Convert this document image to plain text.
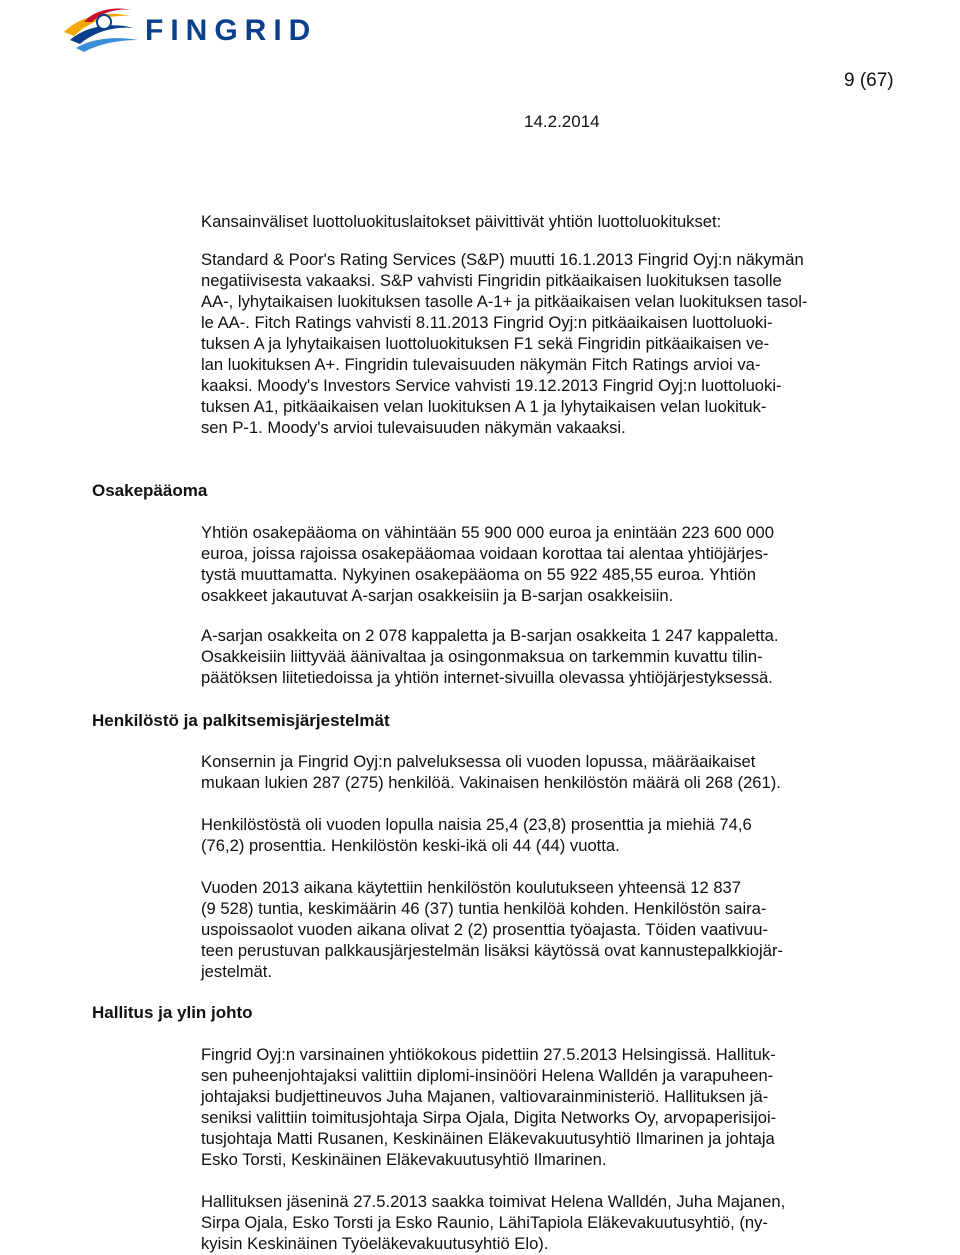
FINGRID
9 (67)
14.2.2014

Kansainväliset luottoluokituslaitokset päivittivät yhtiön luottoluokitukset:

Standard & Poor's Rating Services (S&P) muutti 16.1.2013 Fingrid Oyj:n näkymän
negatiivisesta vakaaksi. S&P vahvisti Fingridin pitkäaikaisen luokituksen tasolle
AA-, lyhytaikaisen luokituksen tasolle A-1+ ja pitkäaikaisen velan luokituksen tasol-
le AA-. Fitch Ratings vahvisti 8.11.2013 Fingrid Oyj:n pitkäaikaisen luottoluoki-
tuksen A ja lyhytaikaisen luottoluokituksen F1 sekä Fingridin pitkäaikaisen ve-
lan luokituksen A+. Fingridin tulevaisuuden näkymän Fitch Ratings arvioi va-
kaaksi. Moody's Investors Service vahvisti 19.12.2013 Fingrid Oyj:n luottoluoki-
tuksen A1, pitkäaikaisen velan luokituksen A 1 ja lyhytaikaisen velan luokituk-
sen P-1. Moody's arvioi tulevaisuuden näkymän vakaaksi.
Osakepääoma
Yhtiön osakepääoma on vähintään 55 900 000 euroa ja enintään 223 600 000
euroa, joissa rajoissa osakepääomaa voidaan korottaa tai alentaa yhtiöjärjes-
tystä muuttamatta. Nykyinen osakepääoma on 55 922 485,55 euroa. Yhtiön
osakkeet jakautuvat A-sarjan osakkeisiin ja B-sarjan osakkeisiin.
A-sarjan osakkeita on 2 078 kappaletta ja B-sarjan osakkeita 1 247 kappaletta.
Osakkeisiin liittyvää äänivaltaa ja osingonmaksua on tarkemmin kuvattu tilin-
päätöksen liitetiedoissa ja yhtiön internet-sivuilla olevassa yhtiöjärjestyksessä.
Henkilöstö ja palkitsemisjärjestelmät
Konsernin ja Fingrid Oyj:n palveluksessa oli vuoden lopussa, määräaikaiset
mukaan lukien 287 (275) henkilöä. Vakinaisen henkilöstön määrä oli 268 (261).
Henkilöstöstä oli vuoden lopulla naisia 25,4 (23,8) prosenttia ja miehiä 74,6
(76,2) prosenttia. Henkilöstön keski-ikä oli 44 (44) vuotta.
Vuoden 2013 aikana käytettiin henkilöstön koulutukseen yhteensä 12 837
(9 528) tuntia, keskimäärin 46 (37) tuntia henkilöä kohden. Henkilöstön saira-
uspoissaolot vuoden aikana olivat 2 (2) prosenttia työajasta. Töiden vaativuu-
teen perustuvan palkkausjärjestelmän lisäksi käytössä ovat kannustepalkkiojär-
jestelmät.
Hallitus ja ylin johto
Fingrid Oyj:n varsinainen yhtiökokous pidettiin 27.5.2013 Helsingissä. Hallituk-
sen puheenjohtajaksi valittiin diplomi-insinööri Helena Walldén ja varapuheen-
johtajaksi budjettineuvos Juha Majanen, valtiovarainministeriö. Hallituksen jä-
seniksi valittiin toimitusjohtaja Sirpa Ojala, Digita Networks Oy, arvopaperisijoi-
tusjohtaja Matti Rusanen, Keskinäinen Eläkevakuutusyhtiö Ilmarinen ja johtaja
Esko Torsti, Keskinäinen Eläkevakuutusyhtiö Ilmarinen.
Hallituksen jäseninä 27.5.2013 saakka toimivat Helena Walldén, Juha Majanen,
Sirpa Ojala, Esko Torsti ja Esko Raunio, LähiTapiola Eläkevakuutusyhtiö, (ny-
kyisin Keskinäinen Työeläkevakuutusyhtiö Elo).
